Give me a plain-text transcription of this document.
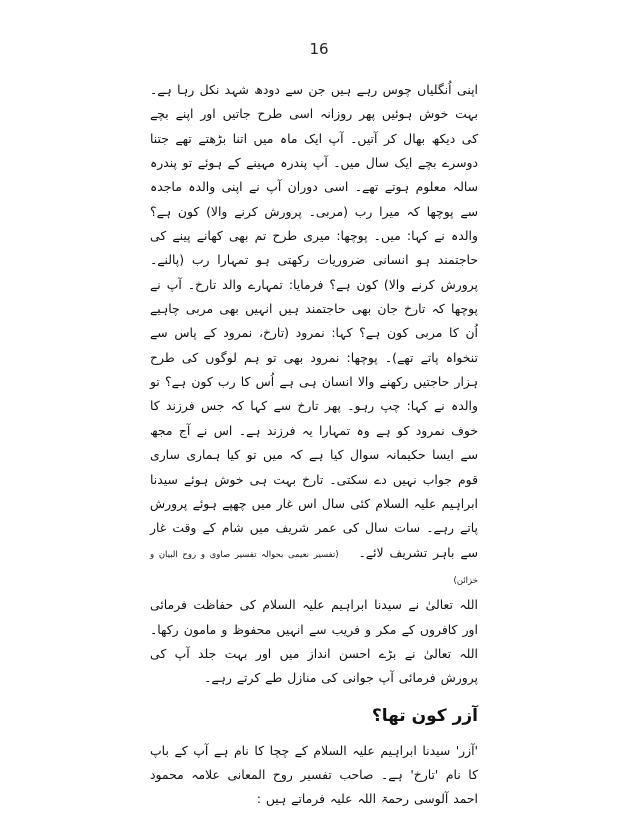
16

اپنی اُنگلیاں چوس رہے ہیں جن سے دودھ شہد نکل رہا ہے۔ بہت خوش ہوئیں پھر روزانہ اسی طرح جاتیں اور اپنے بچے کی دیکھ بھال کر آتیں۔ آپ ایک ماہ میں اتنا بڑھتے تھے جتنا دوسرے بچے ایک سال میں۔ آپ پندرہ مہینے کے ہوئے تو پندرہ سالہ معلوم ہوتے تھے۔ اسی دوران آپ نے اپنی والدہ ماجدہ سے پوچھا کہ میرا رب (مربی۔ پرورش کرنے والا) کون ہے؟ والدہ نے کہا: میں۔ پوچھا: میری طرح تم بھی کھانے پینے کی حاجتمند ہو انسانی ضروریات رکھتی ہو تمہارا رب (پالنے۔ پرورش کرنے والا) کون ہے؟ فرمایا: تمہارے والد تارخ۔ آپ نے پوچھا کہ تارخ جان بھی حاجتمند ہیں انہیں بھی مربی چاہیے اُن کا مربی کون ہے؟ کہا: نمرود (تارخ، نمرود کے پاس سے تنخواہ پاتے تھے)۔ پوچھا: نمرود بھی تو ہم لوگوں کی طرح ہزار حاجتیں رکھنے والا انسان ہی ہے اُس کا رب کون ہے؟ تو والدہ نے کہا: چپ رہو۔ پھر تارخ سے کہا کہ جس فرزند کا خوف نمرود کو ہے وہ تمہارا یہ فرزند ہے۔ اس نے آج مجھ سے ایسا حکیمانہ سوال کیا ہے کہ میں تو کیا ہماری ساری قوم جواب نہیں دے سکتی۔ تارخ بہت ہی خوش ہوئے سیدنا ابراہیم علیہ السلام کئی سال اس غار میں چھپے ہوئے پرورش پاتے رہے۔ سات سال کی عمر شریف میں شام کے وقت غار سے باہر تشریف لائے۔ (تفسیر نعیمی بحوالہ تفسیر صاوی و روح البیان و خزائن)

اللہ تعالیٰ نے سیدنا ابراہیم علیہ السلام کی حفاظت فرمائی اور کافروں کے مکر و فریب سے انہیں محفوظ و مامون رکھا۔ اللہ تعالیٰ نے بڑے احسن انداز میں اور بہت جلد آپ کی پرورش فرمائی آپ جوانی کی منازل طے کرتے رہے۔

آزر کون تھا؟

'آزر' سیدنا ابراہیم علیہ السلام کے چچا کا نام ہے آپ کے باپ کا نام 'تارخ' ہے۔ صاحب تفسیر روح المعانی علامہ محمود احمد آلوسی رحمۃ اللہ علیہ فرماتے ہیں :
